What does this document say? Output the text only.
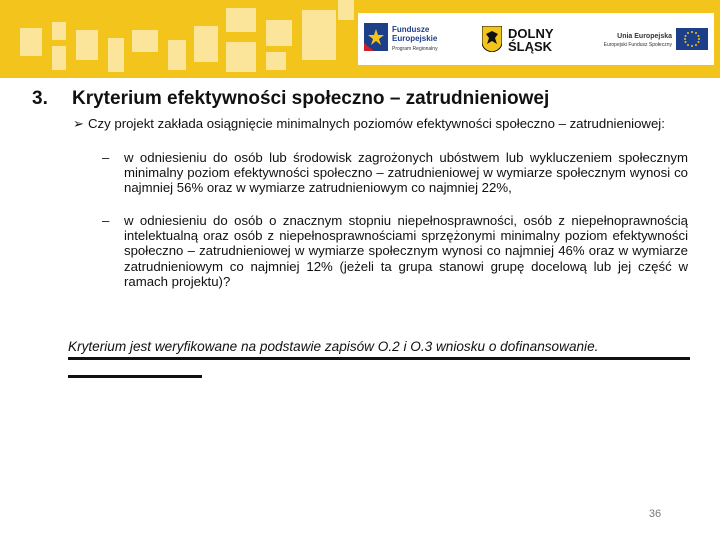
Fundusze Europejskie
Program Regionalny
DOLNY
ŚLĄSK
Unia Europejska
Europejski Fundusz Społeczny
3. Kryterium efektywności społeczno – zatrudnieniowej
➢ Czy projekt zakłada osiągnięcie minimalnych poziomów efektywności społeczno – zatrudnieniowej:
–	w odniesieniu do osób lub środowisk zagrożonych ubóstwem lub wykluczeniem społecznym minimalny poziom efektywności społeczno – zatrudnieniowej w wymiarze społecznym wynosi co najmniej 56% oraz w wymiarze zatrudnieniowym co najmniej 22%,
–	w odniesieniu do osób o znacznym stopniu niepełnosprawności, osób z niepełnoprawnością intelektualną oraz osób z niepełnosprawnościami sprzężonymi minimalny poziom efektywności społeczno – zatrudnieniowej w wymiarze społecznym wynosi co najmniej 46% oraz w wymiarze zatrudnieniowym co najmniej 12% (jeżeli ta grupa stanowi grupę docelową lub jej część w ramach projektu)?
Kryterium jest weryfikowane na podstawie zapisów O.2 i O.3 wniosku o dofinansowanie.
36
